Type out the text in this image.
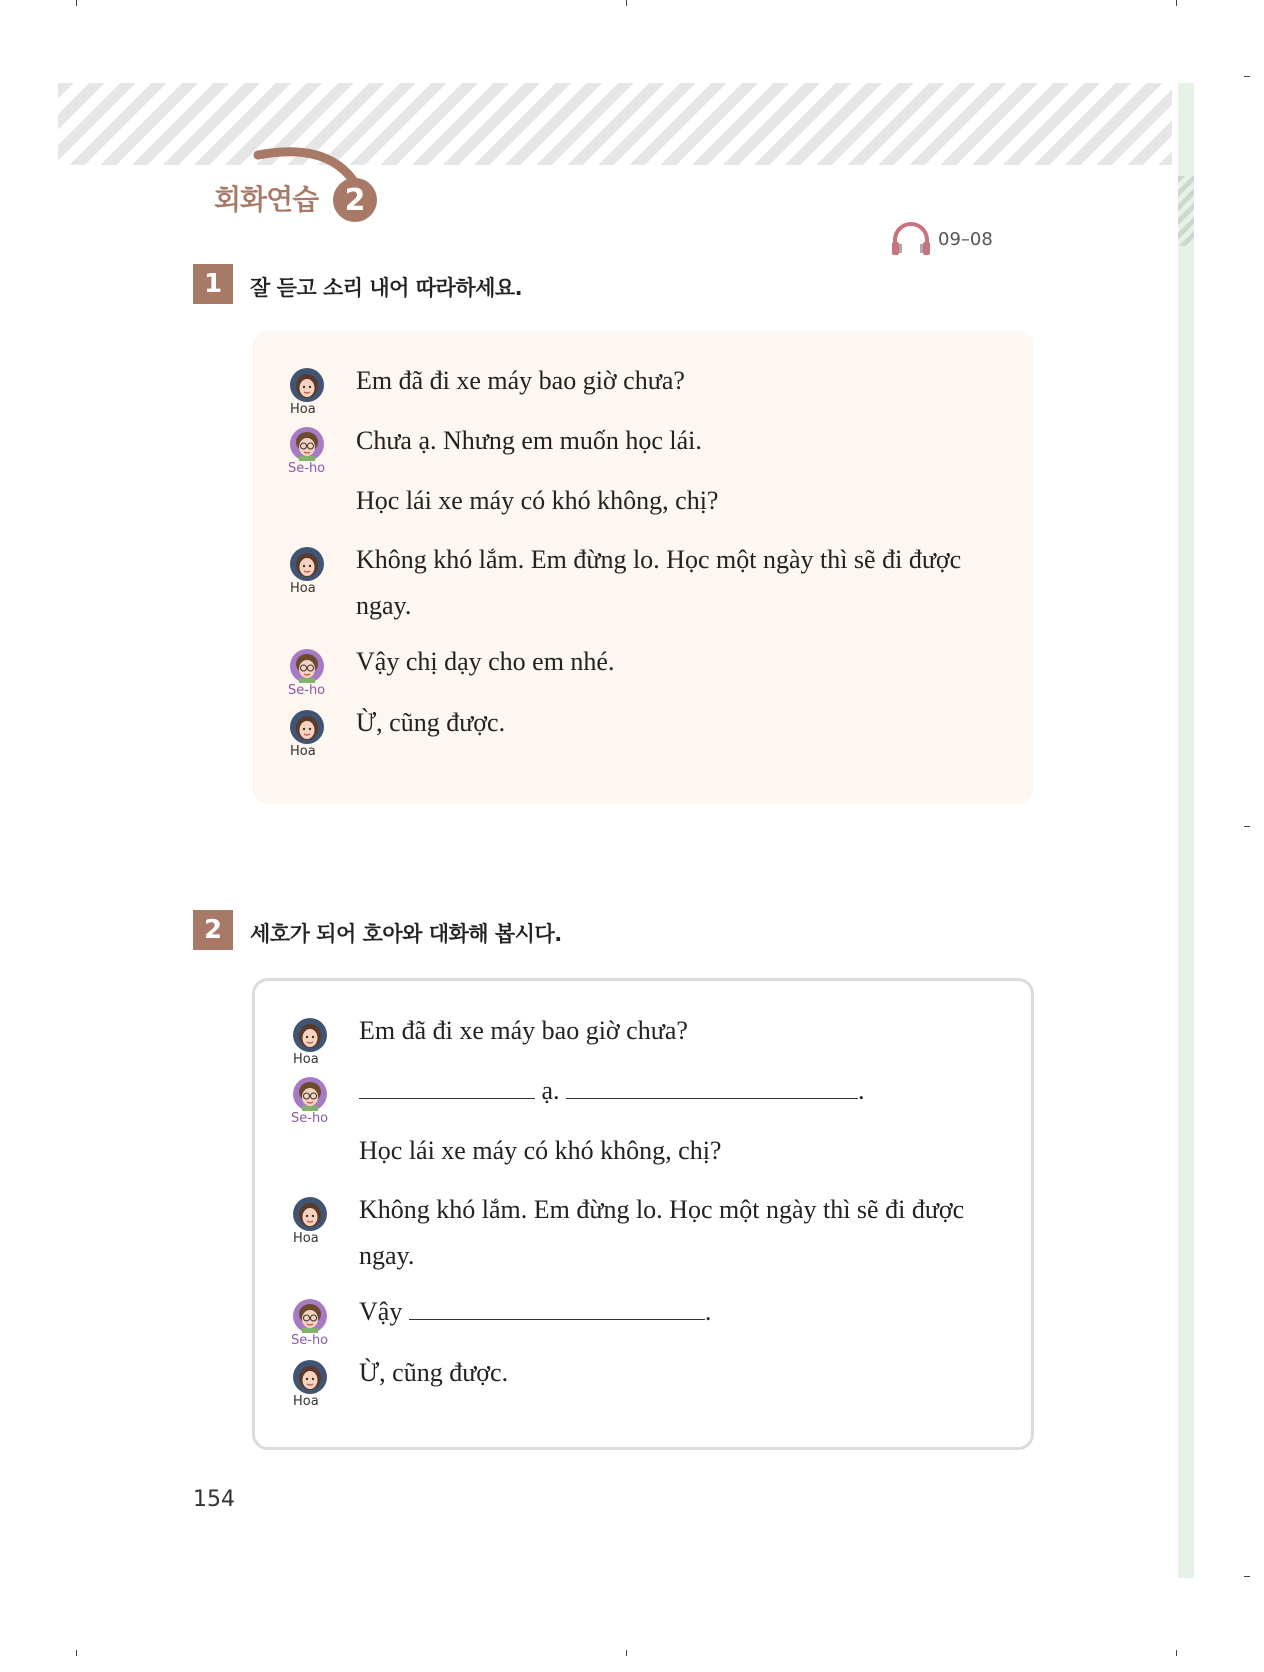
회화연습 2
09–08
1	잘 듣고 소리 내어 따라하세요.

Hoa

Em đã đi xe máy bao giờ chưa?

Se-ho

Chưa ạ. Nhưng em muốn học lái.

Học lái xe máy có khó không, chị?

Hoa

Không khó lắm. Em đừng lo. Học một ngày thì sẽ đi được

ngay.

Se-ho

Vậy chị dạy cho em nhé.

Hoa

Ừ, cũng được.

2	세호가 되어 호아와 대화해 봅시다.

Hoa

Em đã đi xe máy bao giờ chưa?

Se-ho

ạ.	.

Học lái xe máy có khó không, chị?

Hoa

Không khó lắm. Em đừng lo. Học một ngày thì sẽ đi được

ngay.

Se-ho

Vậy	.

Hoa

Ừ, cũng được.

154
